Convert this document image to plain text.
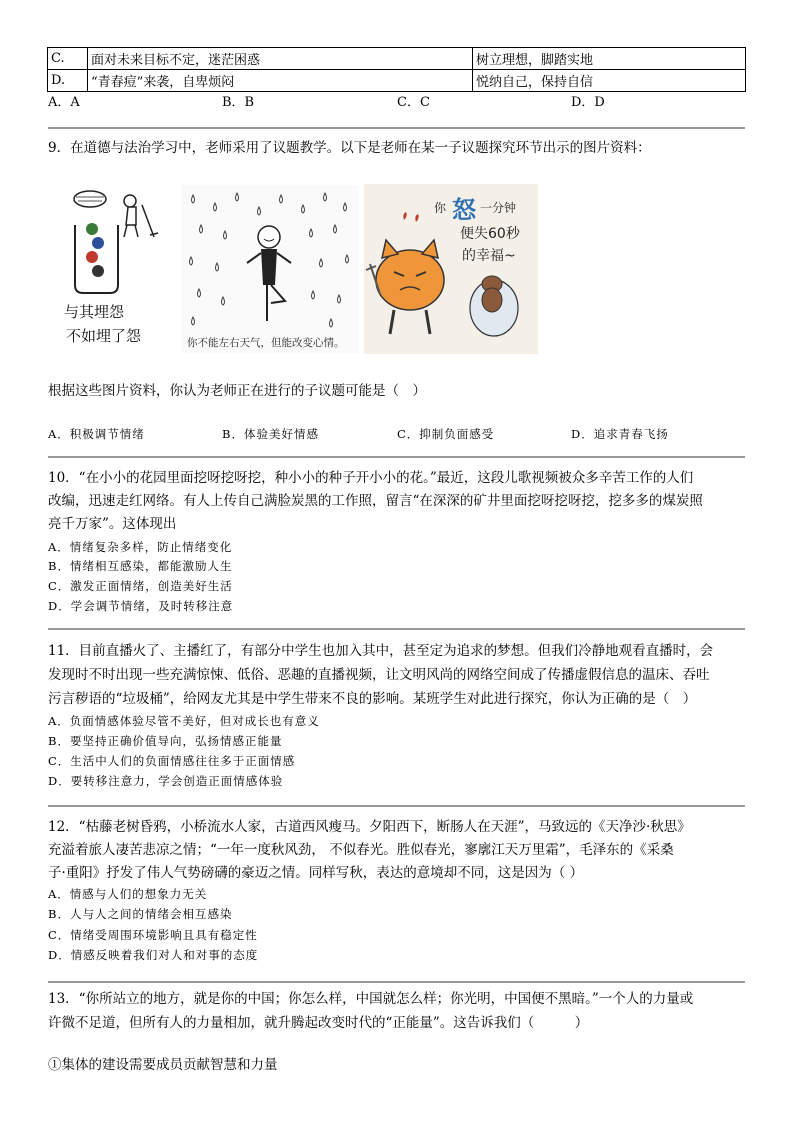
C.	面对未来目标不定，迷茫困惑	树立理想，脚踏实地
D.	“青春痘”来袭，自卑烦闷	悦纳自己，保持自信
A．A	B．B	C．C	D．D
9．在道德与法治学习中，老师采用了议题教学。以下是老师在某一子议题探究环节出示的图片资料：
与其埋怨
不如埋了怨	你不能左右天气，但能改变心情。
你 怒 一分钟
便失60秒
的幸福~
根据这些图片资料，你认为老师正在进行的子议题可能是（　）
A．积极调节情绪	B．体验美好情感	C．抑制负面感受	D．追求青春飞扬
10．“在小小的花园里面挖呀挖呀挖，种小小的种子开小小的花。”最近，这段儿歌视频被众多辛苦工作的人们
改编，迅速走红网络。有人上传自己满脸炭黑的工作照，留言“在深深的矿井里面挖呀挖呀挖，挖多多的煤炭照
亮千万家”。这体现出
A．情绪复杂多样，防止情绪变化
B．情绪相互感染，都能激励人生
C．激发正面情绪，创造美好生活
D．学会调节情绪，及时转移注意
11．目前直播火了、主播红了，有部分中学生也加入其中，甚至定为追求的梦想。但我们冷静地观看直播时，会
发现时不时出现一些充满惊悚、低俗、恶趣的直播视频，让文明风尚的网络空间成了传播虚假信息的温床、吞吐
污言秽语的“垃圾桶”，给网友尤其是中学生带来不良的影响。某班学生对此进行探究，你认为正确的是（　）
A．负面情感体验尽管不美好，但对成长也有意义
B．要坚持正确价值导向，弘扬情感正能量
C．生活中人们的负面情感往往多于正面情感
D．要转移注意力，学会创造正面情感体验
12．“枯藤老树昏鸦，小桥流水人家，古道西风瘦马。夕阳西下，断肠人在天涯”，马致远的《天净沙·秋思》
充溢着旅人凄苦悲凉之情；“一年一度秋风劲， 不似春光。胜似春光，寥廓江天万里霜”，毛泽东的《采桑
子·重阳》抒发了伟人气势磅礴的豪迈之情。同样写秋，表达的意境却不同，这是因为（ ）
A．情感与人们的想象力无关
B．人与人之间的情绪会相互感染
C．情绪受周围环境影响且具有稳定性
D．情感反映着我们对人和对事的态度
13．“你所站立的地方，就是你的中国；你怎么样，中国就怎么样；你光明，中国便不黑暗。”一个人的力量或
许微不足道，但所有人的力量相加，就升腾起改变时代的“正能量”。这告诉我们（　　　）
①集体的建设需要成员贡献智慧和力量
